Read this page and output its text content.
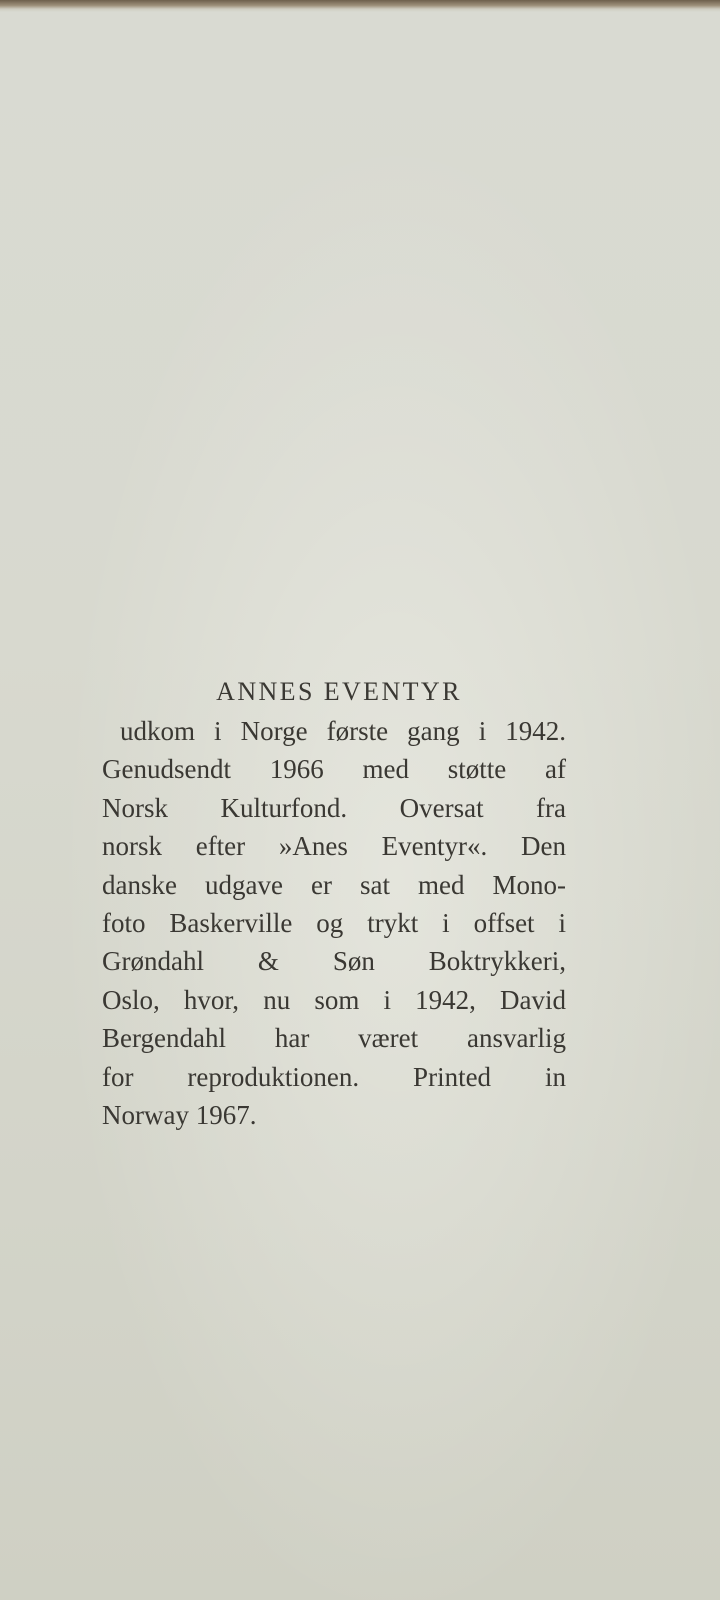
ANNES EVENTYR
udkom i Norge første gang i 1942.
Genudsendt 1966 med støtte af
Norsk Kulturfond. Oversat fra
norsk efter »Anes Eventyr«. Den
danske udgave er sat med Mono-
foto Baskerville og trykt i offset i
Grøndahl & Søn Boktrykkeri,
Oslo, hvor, nu som i 1942, David
Bergendahl har været ansvarlig
for reproduktionen. Printed in
Norway 1967.
